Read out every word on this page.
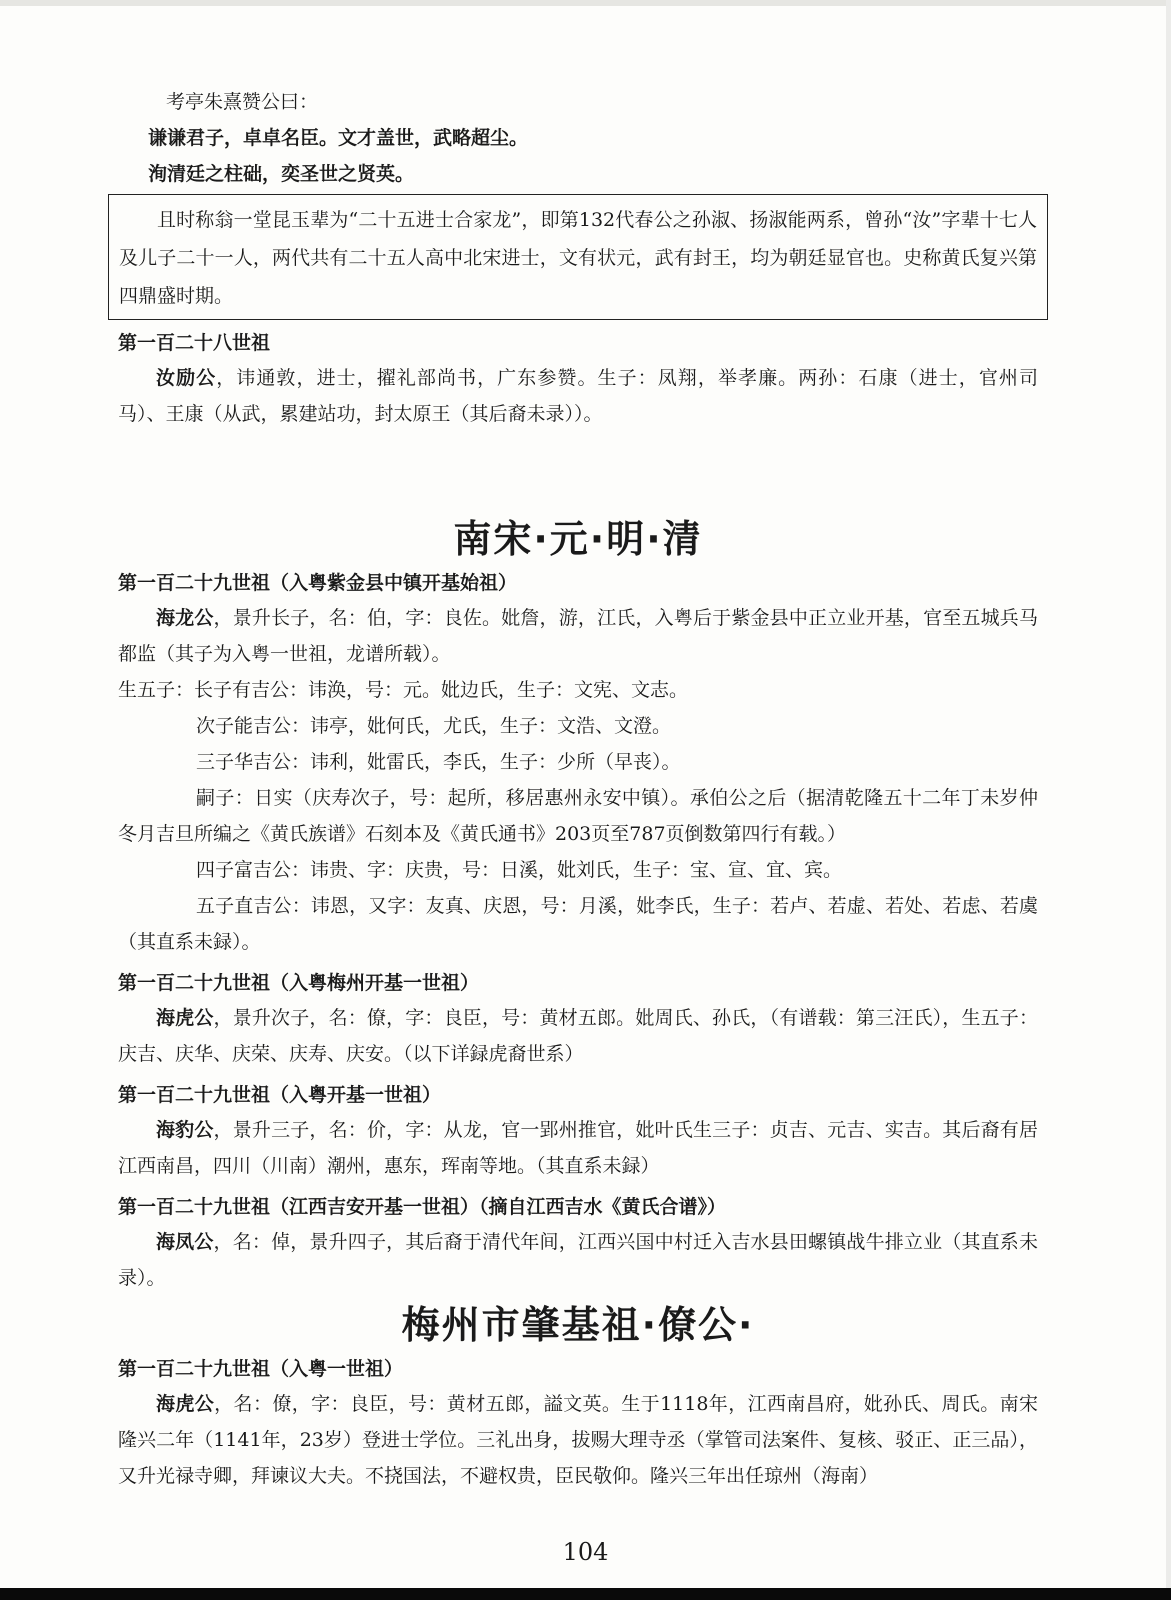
考亭朱熹赞公曰：

谦谦君子，卓卓名臣。文才盖世，武略超尘。

洵清廷之柱础，奕圣世之贤英。

且时称翁一堂昆玉辈为“二十五进士合家龙”，即第132代春公之孙淑、扬淑能两系，曾孙“汝”字辈十七人及儿子二十一人，两代共有二十五人高中北宋进士，文有状元，武有封王，均为朝廷显官也。史称黄氏复兴第四鼎盛时期。

第一百二十八世祖

汝励公，讳通敦，进士，擢礼部尚书，广东参赞。生子：凤翔，举孝廉。两孙：石康（进士，官州司马）、王康（从武，累建站功，封太原王（其后裔未录））。

南宋·元·明·清

第一百二十九世祖（入粤紫金县中镇开基始祖）

海龙公，景升长子，名：伯，字：良佐。妣詹，游，江氏，入粤后于紫金县中正立业开基，官至五城兵马都监（其子为入粤一世祖，龙谱所载）。

生五子：长子有吉公：讳涣，号：元。妣边氏，生子：文宪、文志。

次子能吉公：讳亭，妣何氏，尤氏，生子：文浩、文澄。

三子华吉公：讳利，妣雷氏，李氏，生子：少所（早丧）。

嗣子：日实（庆寿次子，号：起所，移居惠州永安中镇）。承伯公之后（据清乾隆五十二年丁未岁仲冬月吉旦所编之《黄氏族谱》石刻本及《黄氏通书》203页至787页倒数第四行有载。）

四子富吉公：讳贵、字：庆贵，号：日溪，妣刘氏，生子：宝、宣、宜、宾。

五子直吉公：讳恩，又字：友真、庆恩，号：月溪，妣李氏，生子：若卢、若虚、若处、若虑、若虞（其直系未録）。

第一百二十九世祖（入粤梅州开基一世祖）

海虎公，景升次子，名：僚，字：良臣，号：黄材五郎。妣周氏、孙氏，（有谱载：第三汪氏），生五子：庆吉、庆华、庆荣、庆寿、庆安。（以下详録虎裔世系）

第一百二十九世祖（入粤开基一世祖）

海豹公，景升三子，名：价，字：从龙，官一郢州推官，妣叶氏生三子：贞吉、元吉、实吉。其后裔有居江西南昌，四川（川南）潮州，惠东，珲南等地。（其直系未録）

第一百二十九世祖（江西吉安开基一世祖）（摘自江西吉水《黄氏合谱》）

海凤公，名：倬，景升四子，其后裔于清代年间，江西兴国中村迁入吉水县田螺镇战牛排立业（其直系未录）。

梅州市肇基祖·僚公·

第一百二十九世祖（入粤一世祖）

海虎公，名：僚，字：良臣，号：黄材五郎，謚文英。生于1118年，江西南昌府，妣孙氏、周氏。南宋隆兴二年（1141年，23岁）登进士学位。三礼出身，拔赐大理寺丞（掌管司法案件、复核、驳正、正三品），又升光禄寺卿，拜谏议大夫。不挠国法，不避权贵，臣民敬仰。隆兴三年出任琼州（海南）

104
